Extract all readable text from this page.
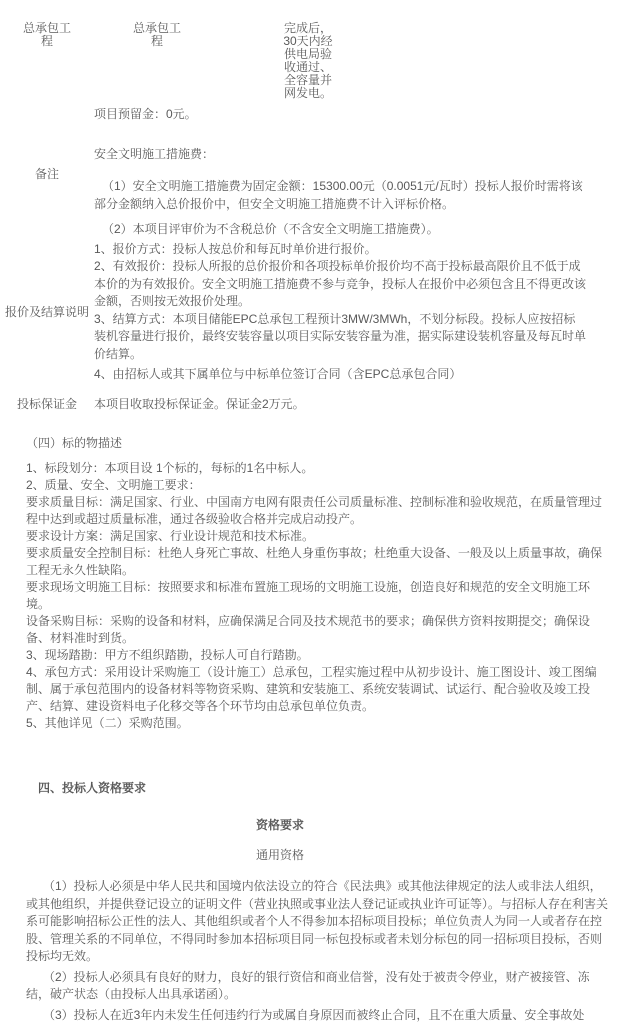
总承包工程
总承包工程
完成后，30天内经供电局验收通过、全容量并网发电。

项目预留金：0元。

备注

安全文明施工措施费：

（1）安全文明施工措施费为固定金额：15300.00元（0.0051元/瓦时）投标人报价时需将该部分金额纳入总价报价中，但安全文明施工措施费不计入评标价格。

（2）本项目评审价为不含税总价（不含安全文明施工措施费）。

报价及结算说明

1、报价方式：投标人按总价和每瓦时单价进行报价。

2、有效报价：投标人所报的总价报价和各项投标单价报价均不高于投标最高限价且不低于成本价的为有效报价。安全文明施工措施费不参与竞争，投标人在报价中必须包含且不得更改该金额，否则按无效报价处理。

3、结算方式：本项目储能EPC总承包工程预计3MW/3MWh，不划分标段。投标人应按招标装机容量进行报价，最终安装容量以项目实际安装容量为准，据实际建设装机容量及每瓦时单价结算。

4、由招标人或其下属单位与中标单位签订合同（含EPC总承包合同）

投标保证金	本项目收取投标保证金。保证金2万元。

（四）标的物描述

1、标段划分：本项目设 1个标的，每标的1名中标人。

2、质量、安全、文明施工要求：

要求质量目标：满足国家、行业、中国南方电网有限责任公司质量标准、控制标准和验收规范，在质量管理过程中达到或超过质量标准，通过各级验收合格并完成启动投产。

要求设计方案：满足国家、行业设计规范和技术标准。

要求质量安全控制目标：杜绝人身死亡事故、杜绝人身重伤事故；杜绝重大设备、一般及以上质量事故，确保工程无永久性缺陷。

要求现场文明施工目标：按照要求和标准布置施工现场的文明施工设施，创造良好和规范的安全文明施工环境。

设备采购目标：采购的设备和材料，应确保满足合同及技术规范书的要求；确保供方资料按期提交；确保设备、材料准时到货。

3、现场踏勘：甲方不组织踏勘，投标人可自行踏勘。

4、承包方式：采用设计采购施工（设计施工）总承包，工程实施过程中从初步设计、施工图设计、竣工图编制、属于承包范围内的设备材料等物资采购、建筑和安装施工、系统安装调试、试运行、配合验收及竣工投产、结算、建设资料电子化移交等各个环节均由总承包单位负责。

5、其他详见（二）采购范围。

四、投标人资格要求

资格要求

通用资格

（1）投标人必须是中华人民共和国境内依法设立的符合《民法典》或其他法律规定的法人或非法人组织，或其他组织，并提供登记设立的证明文件（营业执照或事业法人登记证或执业许可证等）。与招标人存在利害关系可能影响招标公正性的法人、其他组织或者个人不得参加本招标项目投标；单位负责人为同一人或者存在控股、管理关系的不同单位，不得同时参加本招标项目同一标包投标或者未划分标包的同一招标项目投标，否则投标均无效。

（2）投标人必须具有良好的财力，良好的银行资信和商业信誉，没有处于被责令停业，财产被接管、冻结，破产状态（由投标人出具承诺函）。

（3）投标人在近3年内未发生任何违约行为或属自身原因而被终止合同，且不在重大质量、安全事故处
